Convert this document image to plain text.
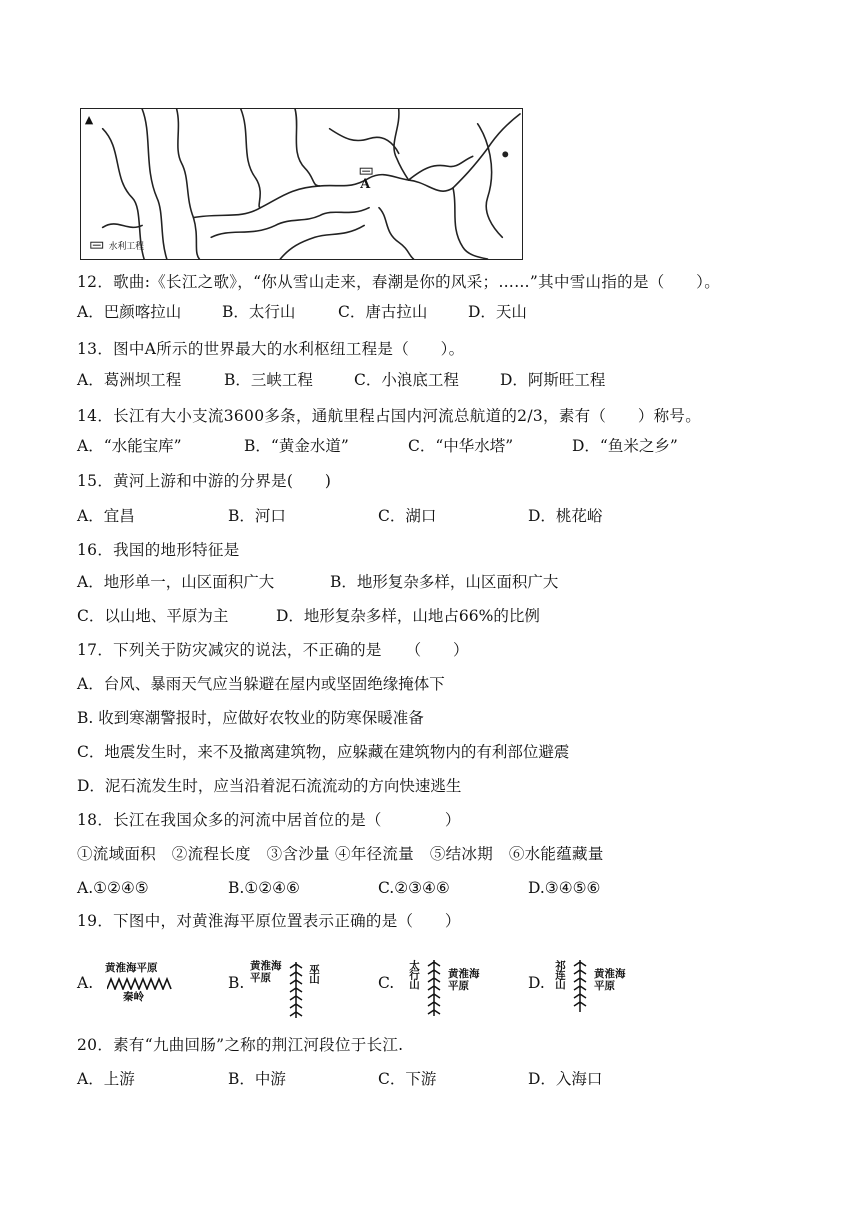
A
▲
水利工程
12．歌曲:《长江之歌》，“你从雪山走来，春潮是你的风采；……”其中雪山指的是（　　）。
A．巴颜喀拉山	B．太行山	C．唐古拉山	D．天山
13．图中A所示的世界最大的水利枢纽工程是（　　）。
A．葛洲坝工程	B．三峡工程	C．小浪底工程	D．阿斯旺工程
14．长江有大小支流3600多条，通航里程占国内河流总航道的2/3，素有（　　）称号。
A．“水能宝库”	B．“黄金水道”	C．“中华水塔”	D．“鱼米之乡”
15．黄河上游和中游的分界是(　　)
A．宜昌	B．河口	C．湖口	D．桃花峪
16．我国的地形特征是
A．地形单一，山区面积广大	B．地形复杂多样，山区面积广大
C．以山地、平原为主	D．地形复杂多样，山地占66%的比例
17．下列关于防灾减灾的说法，不正确的是　　（　　）
A．台风、暴雨天气应当躲避在屋内或坚固绝缘掩体下
B. 收到寒潮警报时，应做好农牧业的防寒保暖准备
C．地震发生时，来不及撤离建筑物，应躲藏在建筑物内的有利部位避震
D．泥石流发生时，应当沿着泥石流流动的方向快速逃生
18．长江在我国众多的河流中居首位的是（　　　　）
①流域面积　②流程长度　③含沙量 ④年径流量　⑤结冰期　⑥水能蕴藏量
A.①②④⑤	B.①②④⑥	C.②③④⑥	D.③④⑤⑥
19．下图中，对黄淮海平原位置表示正确的是（　　）
A.
黄淮海平原
秦岭
B.
黄淮海平原	巫山	C. 太行山	黄淮海平原	D. 祁连山	黄淮海平原
20．素有“九曲回肠”之称的荆江河段位于长江.
A．上游	B．中游	C．下游	D．入海口
